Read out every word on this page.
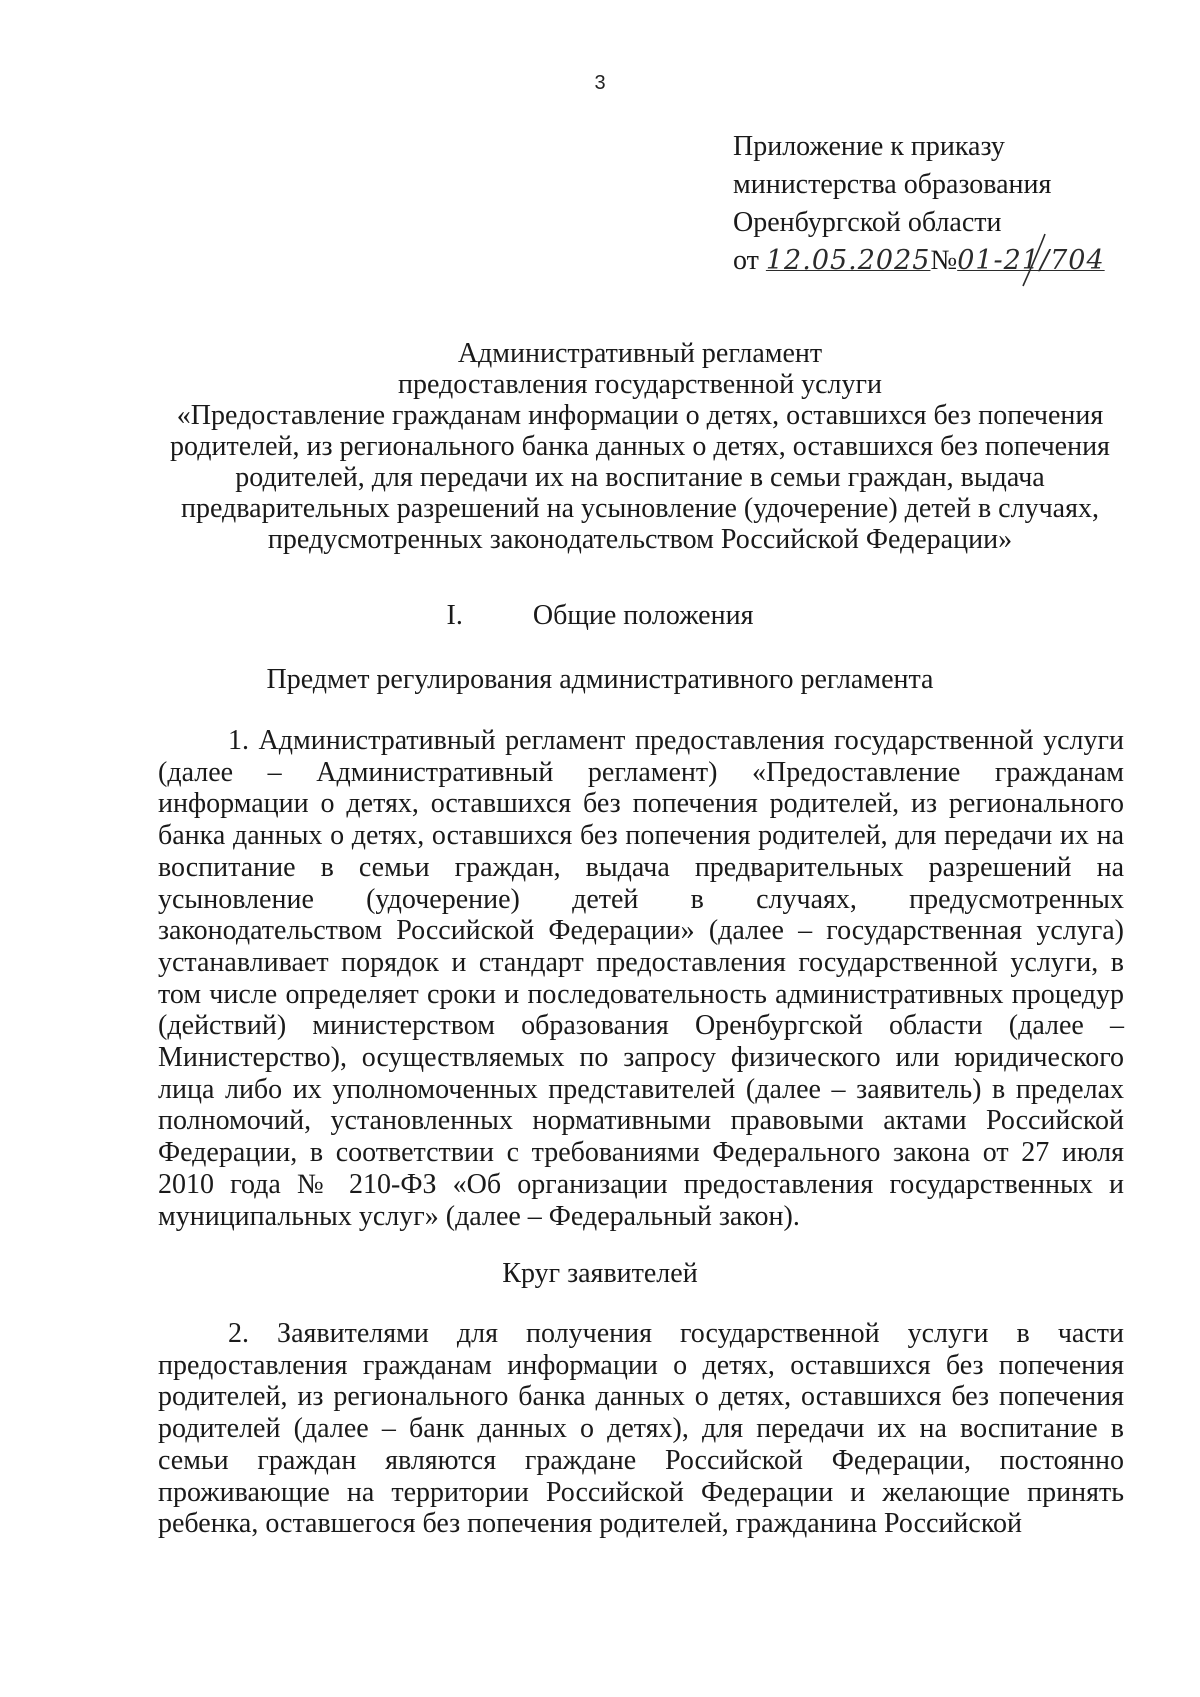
3
Приложение к приказу
министерства образования
Оренбургской области
от 12.05.2025№01-21/704
Административный регламент
предоставления государственной услуги
«Предоставление гражданам информации о детях, оставшихся без попечения
родителей, из регионального банка данных о детях, оставшихся без попечения
родителей, для передачи их на воспитание в семьи граждан, выдача
предварительных разрешений на усыновление (удочерение) детей в случаях,
предусмотренных законодательством Российской Федерации»
I.	Общие положения
Предмет регулирования административного регламента
1. Административный регламент предоставления государственной услуги (далее – Административный регламент) «Предоставление гражданам информации о детях, оставшихся без попечения родителей, из регионального банка данных о детях, оставшихся без попечения родителей, для передачи их на воспитание в семьи граждан, выдача предварительных разрешений на усыновление (удочерение) детей в случаях, предусмотренных законодательством Российской Федерации» (далее – государственная услуга) устанавливает порядок и стандарт предоставления государственной услуги, в том числе определяет сроки и последовательность административных процедур (действий) министерством образования Оренбургской области (далее – Министерство), осуществляемых по запросу физического или юридического лица либо их уполномоченных представителей (далее – заявитель) в пределах полномочий, установленных нормативными правовыми актами Российской Федерации, в соответствии с требованиями Федерального закона от 27 июля 2010 года № 210-ФЗ «Об организации предоставления государственных и муниципальных услуг» (далее – Федеральный закон).
Круг заявителей
2. Заявителями для получения государственной услуги в части предоставления гражданам информации о детях, оставшихся без попечения родителей, из регионального банка данных о детях, оставшихся без попечения родителей (далее – банк данных о детях), для передачи их на воспитание в семьи граждан являются граждане Российской Федерации, постоянно проживающие на территории Российской Федерации и желающие принять ребенка, оставшегося без попечения родителей, гражданина Российской
